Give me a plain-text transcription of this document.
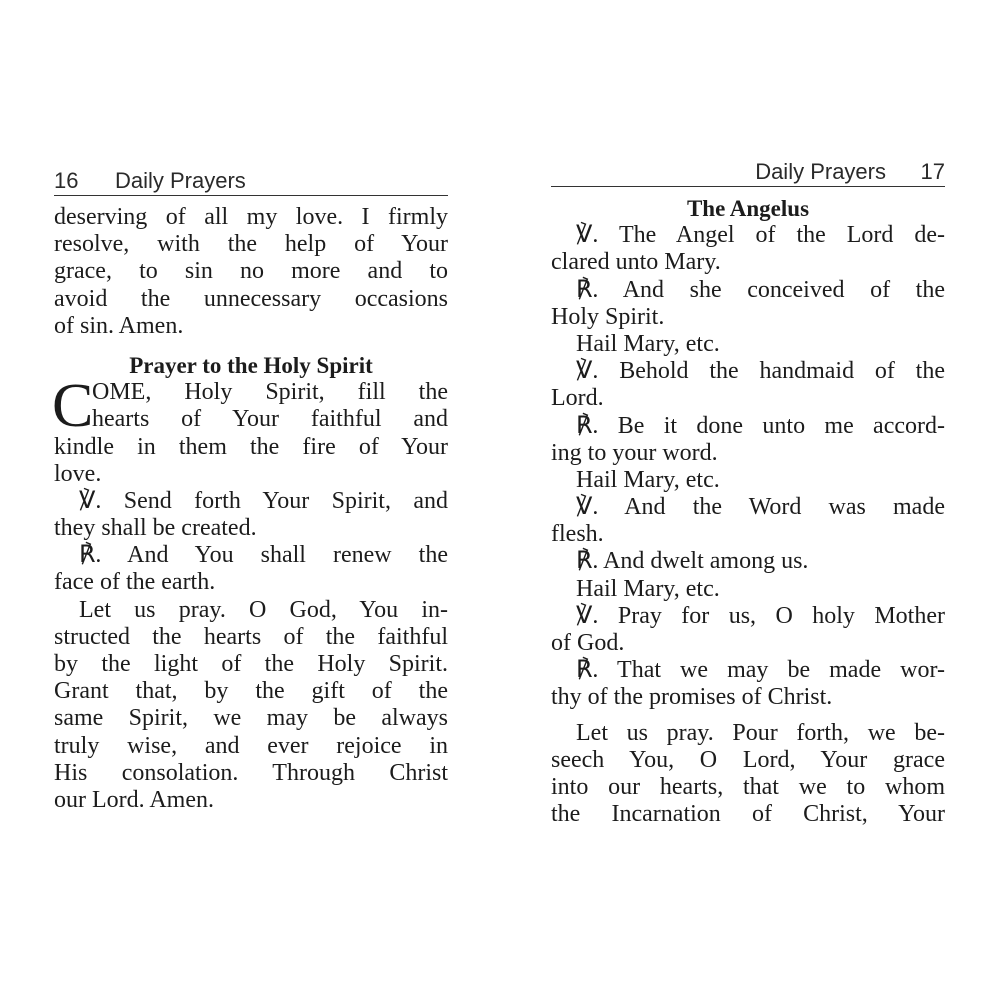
16 Daily Prayers
deserving of all my love. I firmly
resolve, with the help of Your
grace, to sin no more and to
avoid the unnecessary occasions
of sin. Amen.
Prayer to the Holy Spirit
C
OME, Holy Spirit, fill the
hearts of Your faithful and
kindle in them the fire of Your
love.
℣. Send forth Your Spirit, and
they shall be created.
℟. And You shall renew the
face of the earth.
Let us pray. O God, You in-
structed the hearts of the faithful
by the light of the Holy Spirit.
Grant that, by the gift of the
same Spirit, we may be always
truly wise, and ever rejoice in
His consolation. Through Christ
our Lord. Amen.
Daily Prayers 17
The Angelus
℣. The Angel of the Lord de-
clared unto Mary.
℟. And she conceived of the
Holy Spirit.
Hail Mary, etc.
℣. Behold the handmaid of the
Lord.
℟. Be it done unto me accord-
ing to your word.
Hail Mary, etc.
℣. And the Word was made
flesh.
℟. And dwelt among us.
Hail Mary, etc.
℣. Pray for us, O holy Mother
of God.
℟. That we may be made wor-
thy of the promises of Christ.
Let us pray. Pour forth, we be-
seech You, O Lord, Your grace
into our hearts, that we to whom
the Incarnation of Christ, Your
